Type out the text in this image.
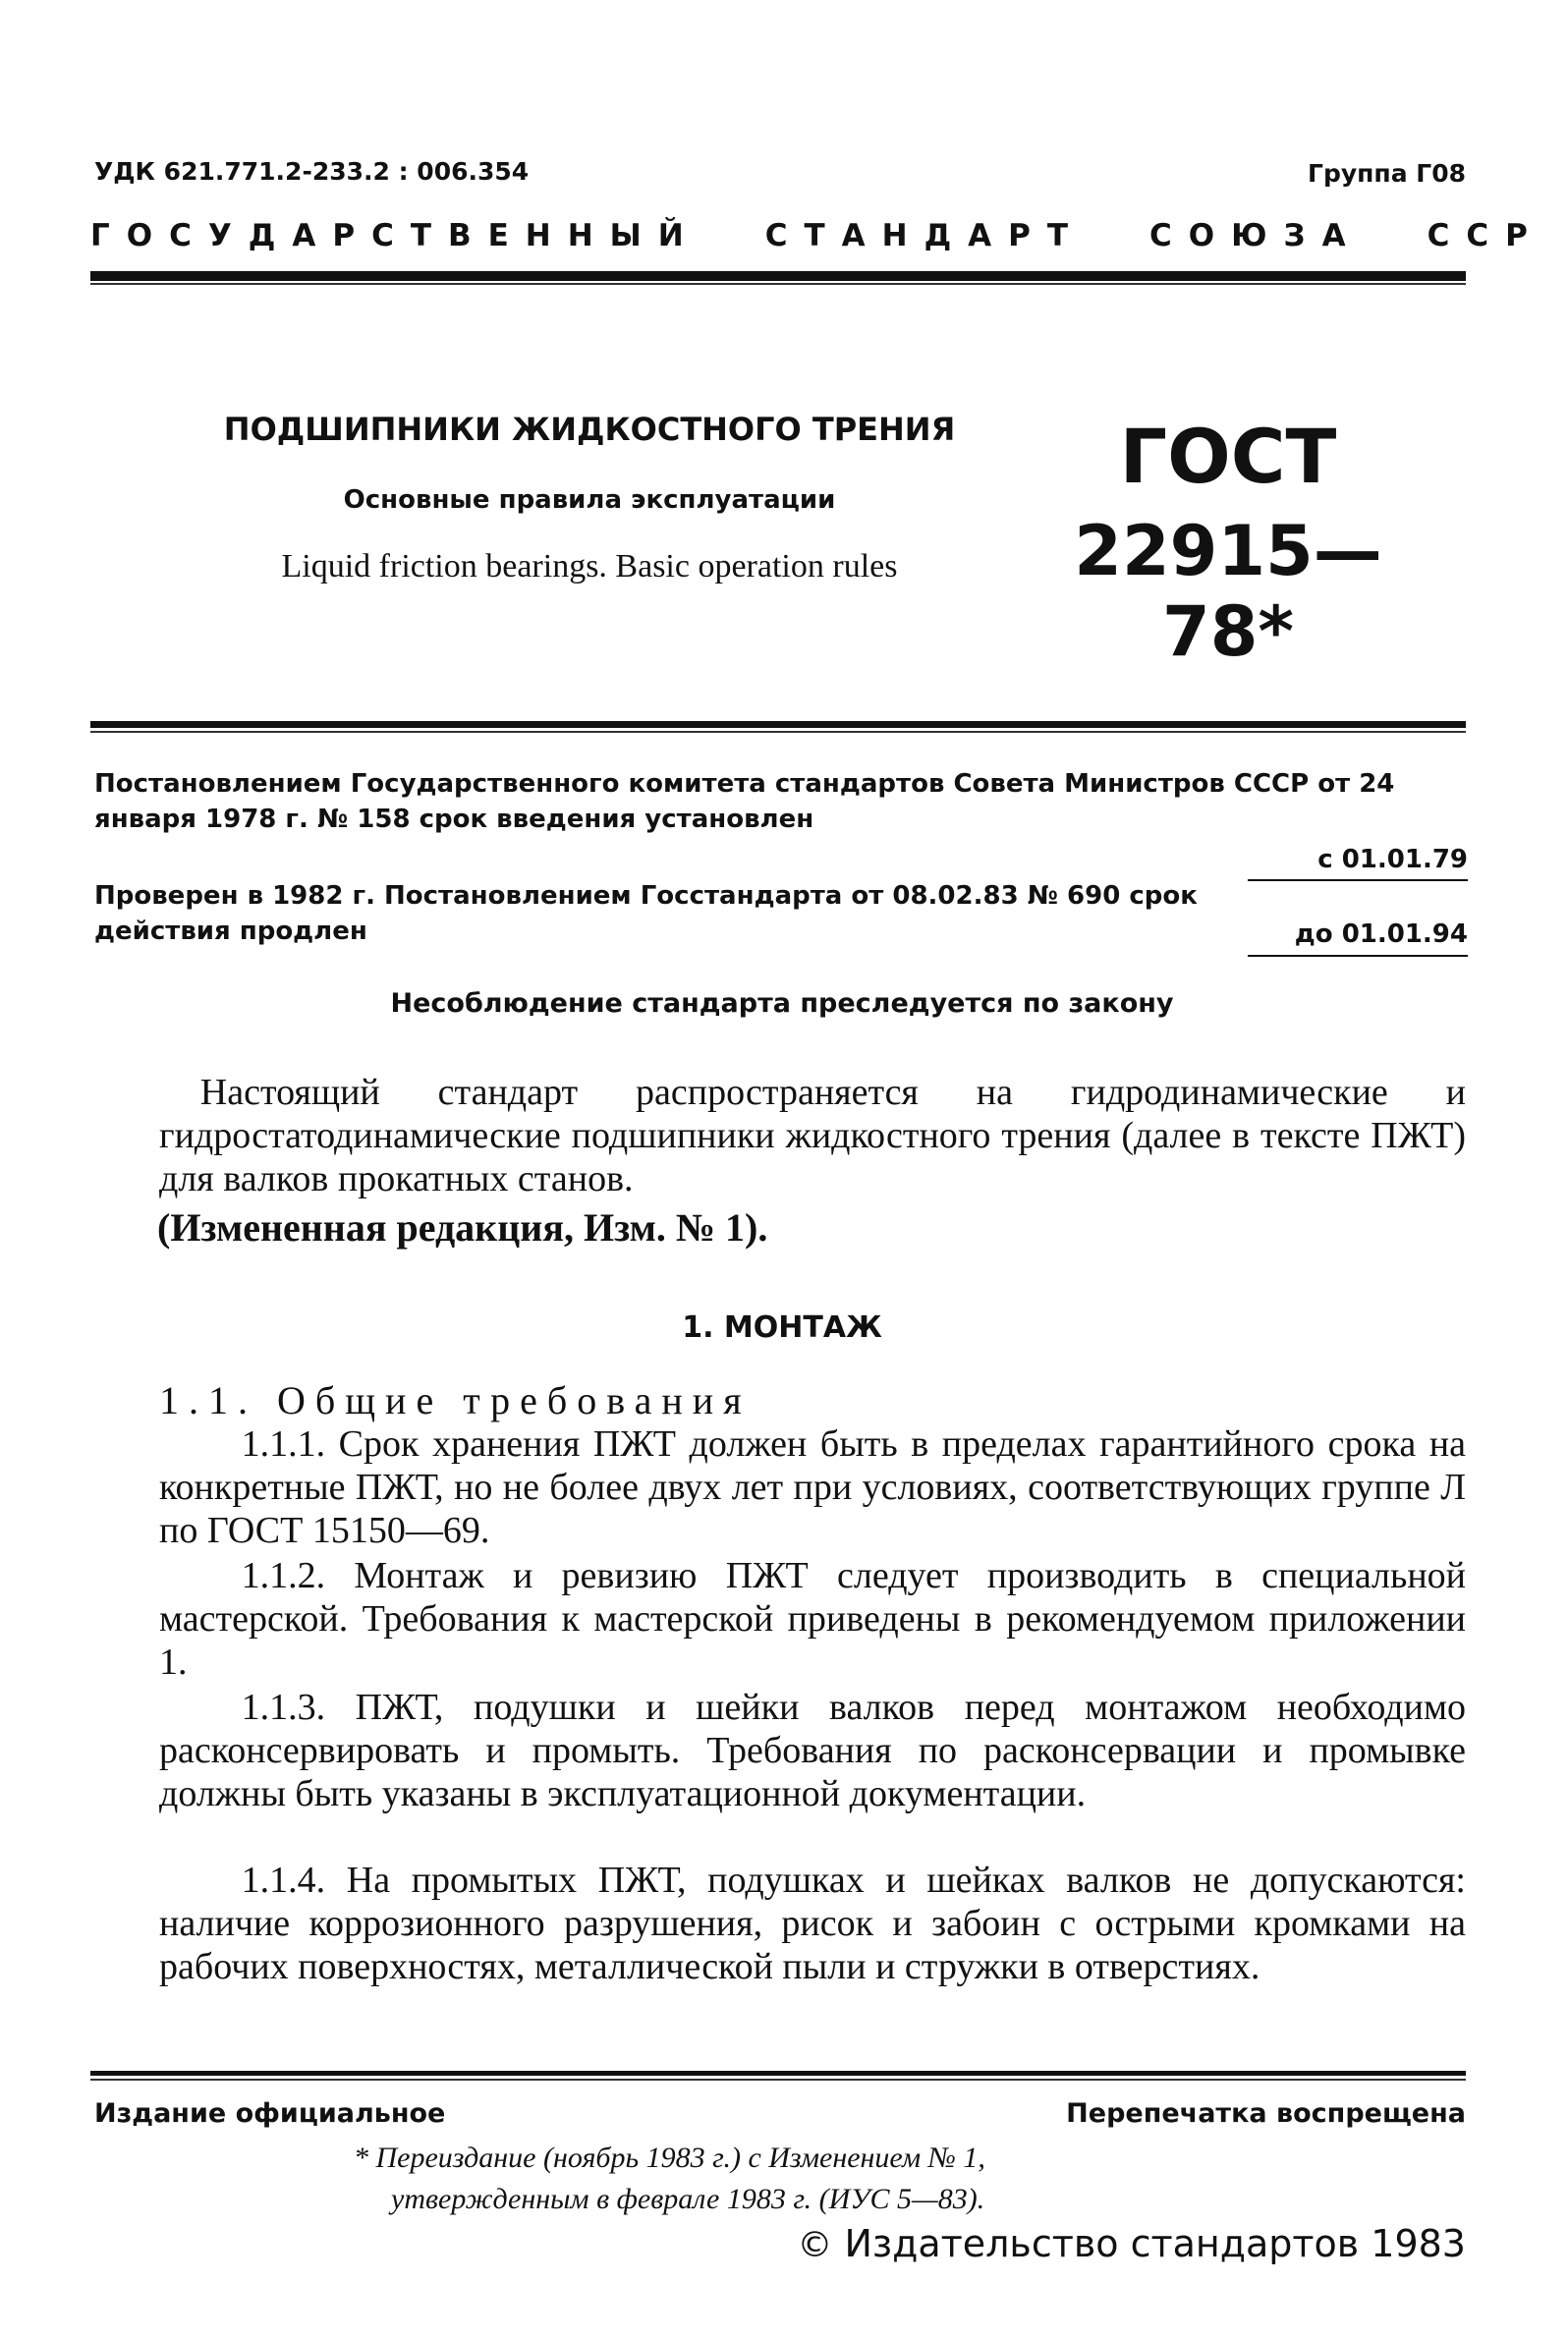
УДК 621.771.2-233.2 : 006.354	Группа Г08
ГОСУДАРСТВЕННЫЙ СТАНДАРТ СОЮЗА ССР
ПОДШИПНИКИ ЖИДКОСТНОГО ТРЕНИЯ
Основные правила эксплуатации
Liquid friction bearings. Basic operation rules
ГОСТ
22915—78*
Постановлением Государственного комитета стандартов Совета Министров СССР от 24 января 1978 г. № 158 срок введения установлен
с 01.01.79
Проверен в 1982 г. Постановлением Госстандарта от 08.02.83 № 690 срок действия продлен	до 01.01.94
Несоблюдение стандарта преследуется по закону
Настоящий стандарт распространяется на гидродинамические и гидростатодинамические подшипники жидкостного трения (далее в тексте ПЖТ) для валков прокатных станов.
(Измененная редакция, Изм. № 1).
1. МОНТАЖ
1.1. Общие требования
1.1.1. Срок хранения ПЖТ должен быть в пределах гарантийного срока на конкретные ПЖТ, но не более двух лет при условиях, соответствующих группе Л по ГОСТ 15150—69.
1.1.2. Монтаж и ревизию ПЖТ следует производить в специальной мастерской. Требования к мастерской приведены в рекомендуемом приложении 1.
1.1.3. ПЖТ, подушки и шейки валков перед монтажом необходимо расконсервировать и промыть. Требования по расконсервации и промывке должны быть указаны в эксплуатационной документации.
1.1.4. На промытых ПЖТ, подушках и шейках валков не допускаются: наличие коррозионного разрушения, рисок и забоин с острыми кромками на рабочих поверхностях, металлической пыли и стружки в отверстиях.
Издание официальное	Перепечатка воспрещена
* Переиздание (ноябрь 1983 г.) с Изменением № 1,
утвержденным в феврале 1983 г. (ИУС 5—83).
© Издательство стандартов 1983
